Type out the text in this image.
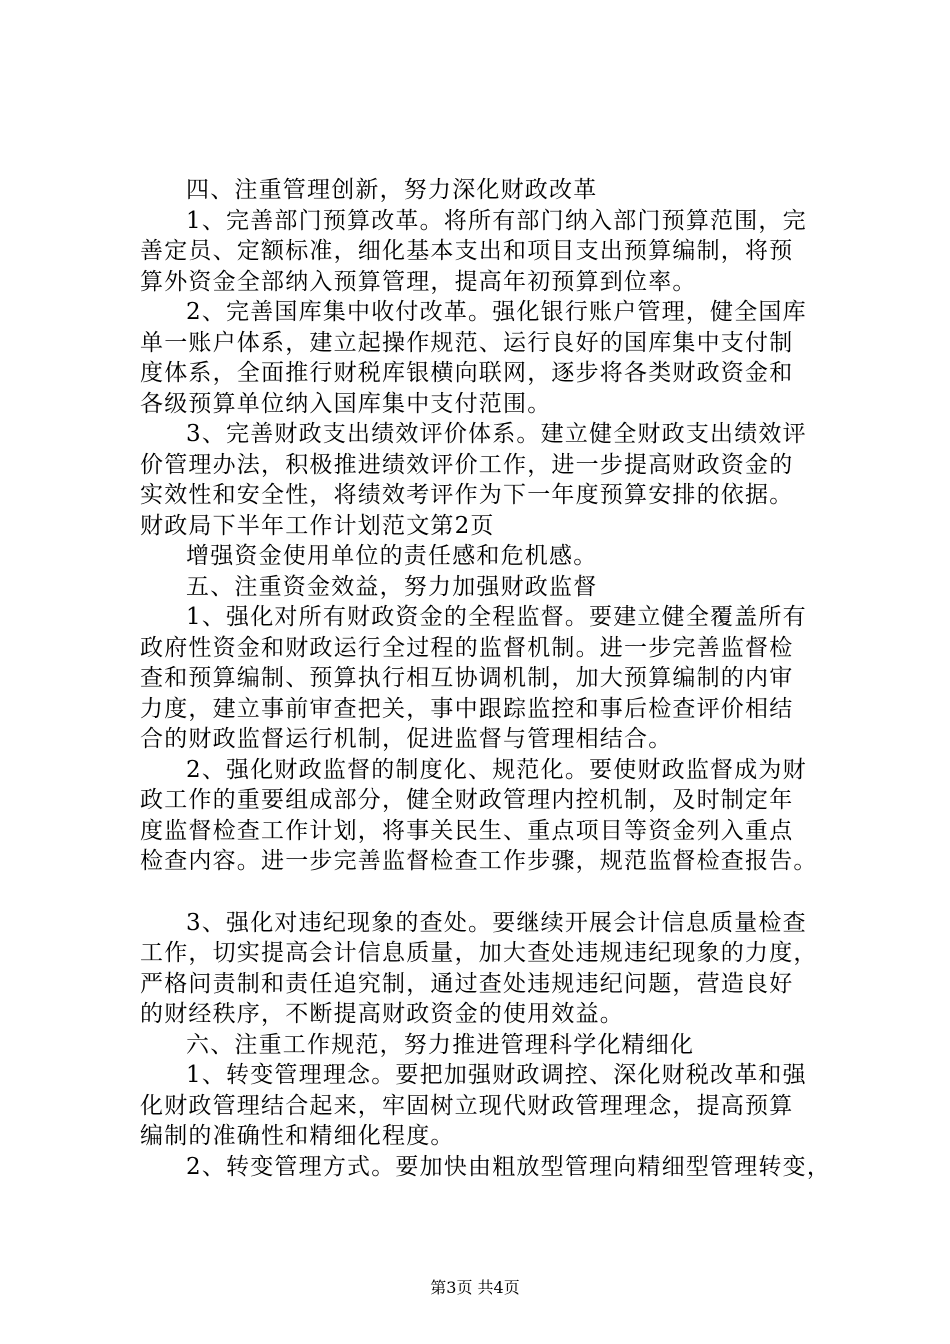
四、注重管理创新，努力深化财政改革
1、完善部门预算改革。将所有部门纳入部门预算范围，完
善定员、定额标准，细化基本支出和项目支出预算编制，将预
算外资金全部纳入预算管理，提高年初预算到位率。
2、完善国库集中收付改革。强化银行账户管理，健全国库
单一账户体系，建立起操作规范、运行良好的国库集中支付制
度体系，全面推行财税库银横向联网，逐步将各类财政资金和
各级预算单位纳入国库集中支付范围。
3、完善财政支出绩效评价体系。建立健全财政支出绩效评
价管理办法，积极推进绩效评价工作，进一步提高财政资金的
实效性和安全性，将绩效考评作为下一年度预算安排的依据。
财政局下半年工作计划范文第2页
增强资金使用单位的责任感和危机感。
五、注重资金效益，努力加强财政监督
1、强化对所有财政资金的全程监督。要建立健全覆盖所有
政府性资金和财政运行全过程的监督机制。进一步完善监督检
查和预算编制、预算执行相互协调机制，加大预算编制的内审
力度，建立事前审查把关，事中跟踪监控和事后检查评价相结
合的财政监督运行机制，促进监督与管理相结合。
2、强化财政监督的制度化、规范化。要使财政监督成为财
政工作的重要组成部分，健全财政管理内控机制，及时制定年
度监督检查工作计划，将事关民生、重点项目等资金列入重点
检查内容。进一步完善监督检查工作步骤，规范监督检查报告。
3、强化对违纪现象的查处。要继续开展会计信息质量检查
工作，切实提高会计信息质量，加大查处违规违纪现象的力度，
严格问责制和责任追究制，通过查处违规违纪问题，营造良好
的财经秩序，不断提高财政资金的使用效益。
六、注重工作规范，努力推进管理科学化精细化
1、转变管理理念。要把加强财政调控、深化财税改革和强
化财政管理结合起来，牢固树立现代财政管理理念，提高预算
编制的准确性和精细化程度。
2、转变管理方式。要加快由粗放型管理向精细型管理转变，
第3页 共4页
